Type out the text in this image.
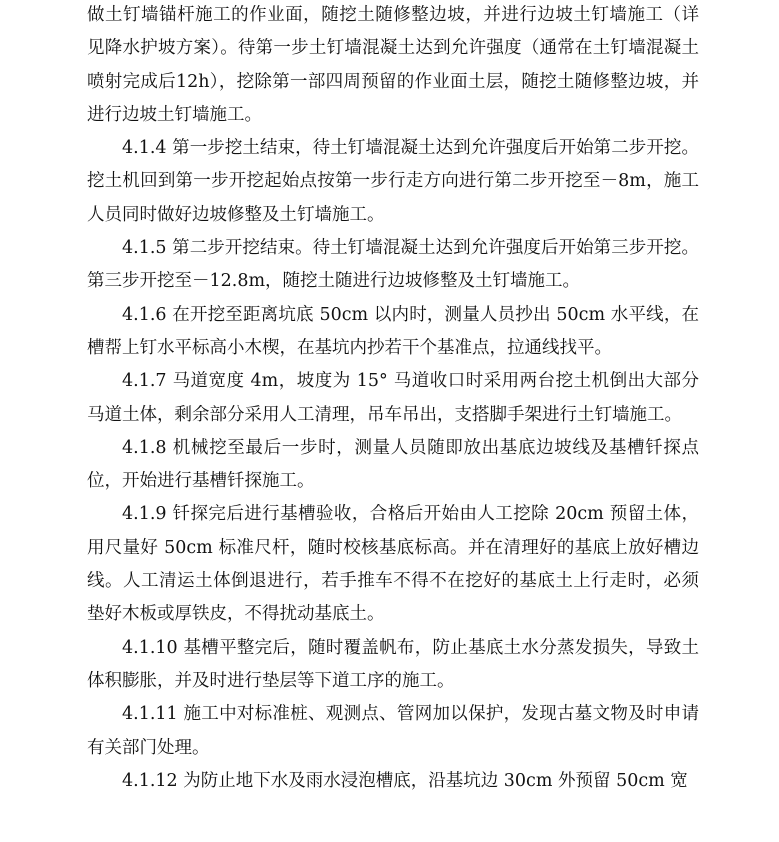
做土钉墙锚杆施工的作业面，随挖土随修整边坡，并进行边坡土钉墙施工（详见降水护坡方案）。待第一步土钉墙混凝土达到允许强度（通常在土钉墙混凝土喷射完成后12h），挖除第一部四周预留的作业面土层，随挖土随修整边坡，并进行边坡土钉墙施工。

4.1.4 第一步挖土结束，待土钉墙混凝土达到允许强度后开始第二步开挖。挖土机回到第一步开挖起始点按第一步行走方向进行第二步开挖至－8m，施工人员同时做好边坡修整及土钉墙施工。

4.1.5 第二步开挖结束。待土钉墙混凝土达到允许强度后开始第三步开挖。第三步开挖至－12.8m，随挖土随进行边坡修整及土钉墙施工。

4.1.6 在开挖至距离坑底 50cm 以内时，测量人员抄出 50cm 水平线，在槽帮上钉水平标高小木楔，在基坑内抄若干个基准点，拉通线找平。

4.1.7 马道宽度 4m，坡度为 15° 马道收口时采用两台挖土机倒出大部分马道土体，剩余部分采用人工清理，吊车吊出，支搭脚手架进行土钉墙施工。

4.1.8 机械挖至最后一步时，测量人员随即放出基底边坡线及基槽钎探点位，开始进行基槽钎探施工。

4.1.9 钎探完后进行基槽验收，合格后开始由人工挖除 20cm 预留土体，用尺量好 50cm 标准尺杆，随时校核基底标高。并在清理好的基底上放好槽边线。人工清运土体倒退进行，若手推车不得不在挖好的基底土上行走时，必须垫好木板或厚铁皮，不得扰动基底土。

4.1.10 基槽平整完后，随时覆盖帆布，防止基底土水分蒸发损失，导致土体积膨胀，并及时进行垫层等下道工序的施工。

4.1.11 施工中对标准桩、观测点、管网加以保护，发现古墓文物及时申请有关部门处理。

4.1.12 为防止地下水及雨水浸泡槽底，沿基坑边 30cm 外预留 50cm 宽
